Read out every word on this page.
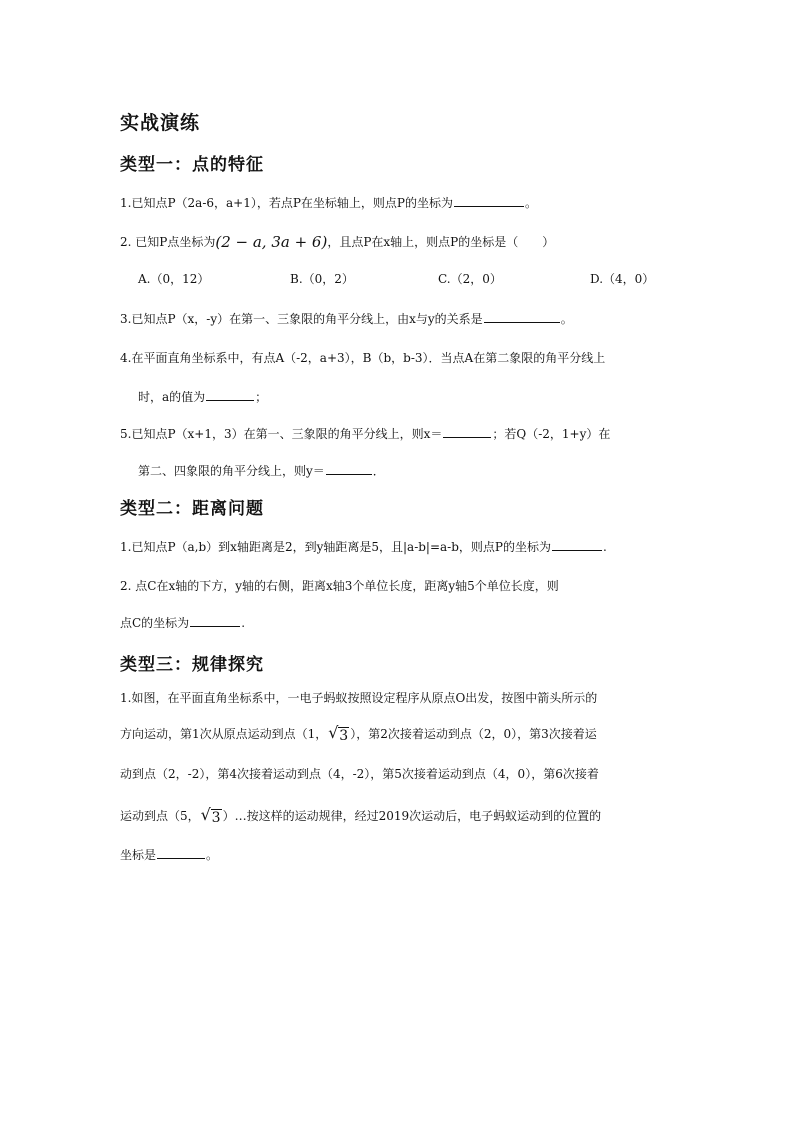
实战演练
类型一：点的特征
1.已知点P（2a-6，a+1），若点P在坐标轴上，则点P的坐标为	。
2. 已知P点坐标为(2 − a, 3a + 6)，且点P在x轴上，则点P的坐标是（　　）
A.（0，12）	B.（0，2）	C.（2，0）	D.（4，0）
3.已知点P（x，-y）在第一、三象限的角平分线上，由x与y的关系是	。
4.在平面直角坐标系中，有点A（-2，a+3），B（b，b-3）．当点A在第二象限的角平分线上
时，a的值为	；
5.已知点P（x+1，3）在第一、三象限的角平分线上，则x＝	；若Q（-2，1+y）在
第二、四象限的角平分线上，则y＝	．
类型二：距离问题
1.已知点P（a,b）到x轴距离是2，到y轴距离是5，且|a-b|=a-b，则点P的坐标为	.
2. 点C在x轴的下方，y轴的右侧，距离x轴3个单位长度，距离y轴5个单位长度，则
点C的坐标为	.
类型三：规律探究
1.如图，在平面直角坐标系中，一电子蚂蚁按照设定程序从原点O出发，按图中箭头所示的
方向运动，第1次从原点运动到点（1， √ 3 ），第2次接着运动到点（2，0），第3次接着运
动到点（2，-2），第4次接着运动到点（4，-2），第5次接着运动到点（4，0），第6次接着
运动到点（5， √ 3 ）…按这样的运动规律，经过2019次运动后，电子蚂蚁运动到的位置的
坐标是	。
